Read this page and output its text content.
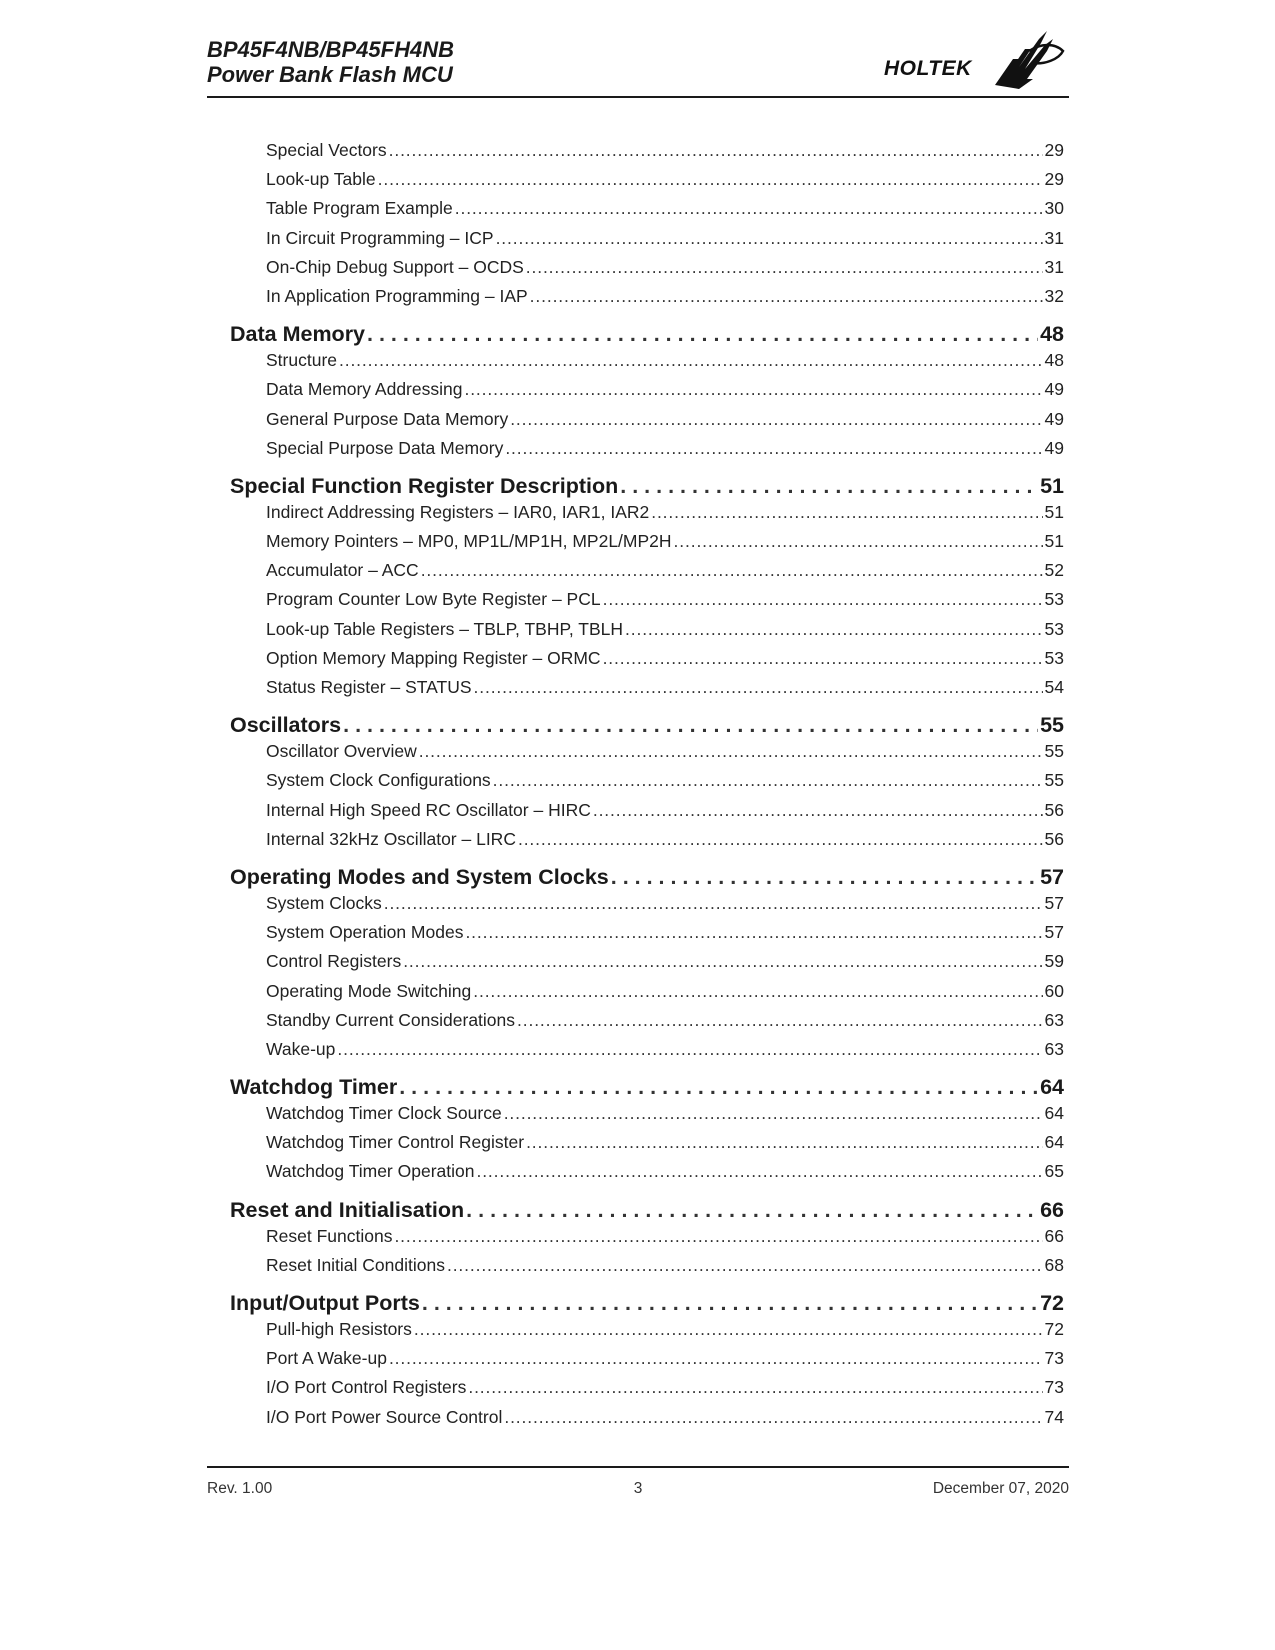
BP45F4NB/BP45FH4NB
Power Bank Flash MCU	HOLTEK
Special Vectors . . .	29
Look-up Table . . .	29
Table Program Example . . .	30
In Circuit Programming – ICP . . .	31
On-Chip Debug Support – OCDS . . .	31
In Application Programming – IAP . . .	32
Data Memory . . .	48
Structure . . .	48
Data Memory Addressing . . .	49
General Purpose Data Memory . . .	49
Special Purpose Data Memory . . .	49
Special Function Register Description . . .	51
Indirect Addressing Registers – IAR0, IAR1, IAR2 . . .	51
Memory Pointers – MP0, MP1L/MP1H, MP2L/MP2H . . .	51
Accumulator – ACC . . .	52
Program Counter Low Byte Register – PCL . . .	53
Look-up Table Registers – TBLP, TBHP, TBLH . . .	53
Option Memory Mapping Register – ORMC . . .	53
Status Register – STATUS . . .	54
Oscillators . . .	55
Oscillator Overview . . .	55
System Clock Configurations . . .	55
Internal High Speed RC Oscillator – HIRC . . .	56
Internal 32kHz Oscillator – LIRC . . .	56
Operating Modes and System Clocks . . .	57
System Clocks . . .	57
System Operation Modes . . .	57
Control Registers . . .	59
Operating Mode Switching . . .	60
Standby Current Considerations . . .	63
Wake-up . . .	63
Watchdog Timer . . .	64
Watchdog Timer Clock Source . . .	64
Watchdog Timer Control Register . . .	64
Watchdog Timer Operation . . .	65
Reset and Initialisation . . .	66
Reset Functions . . .	66
Reset Initial Conditions . . .	68
Input/Output Ports . . .	72
Pull-high Resistors . . .	72
Port A Wake-up . . .	73
I/O Port Control Registers . . .	73
I/O Port Power Source Control . . .	74
Rev. 1.00	3	December 07, 2020
